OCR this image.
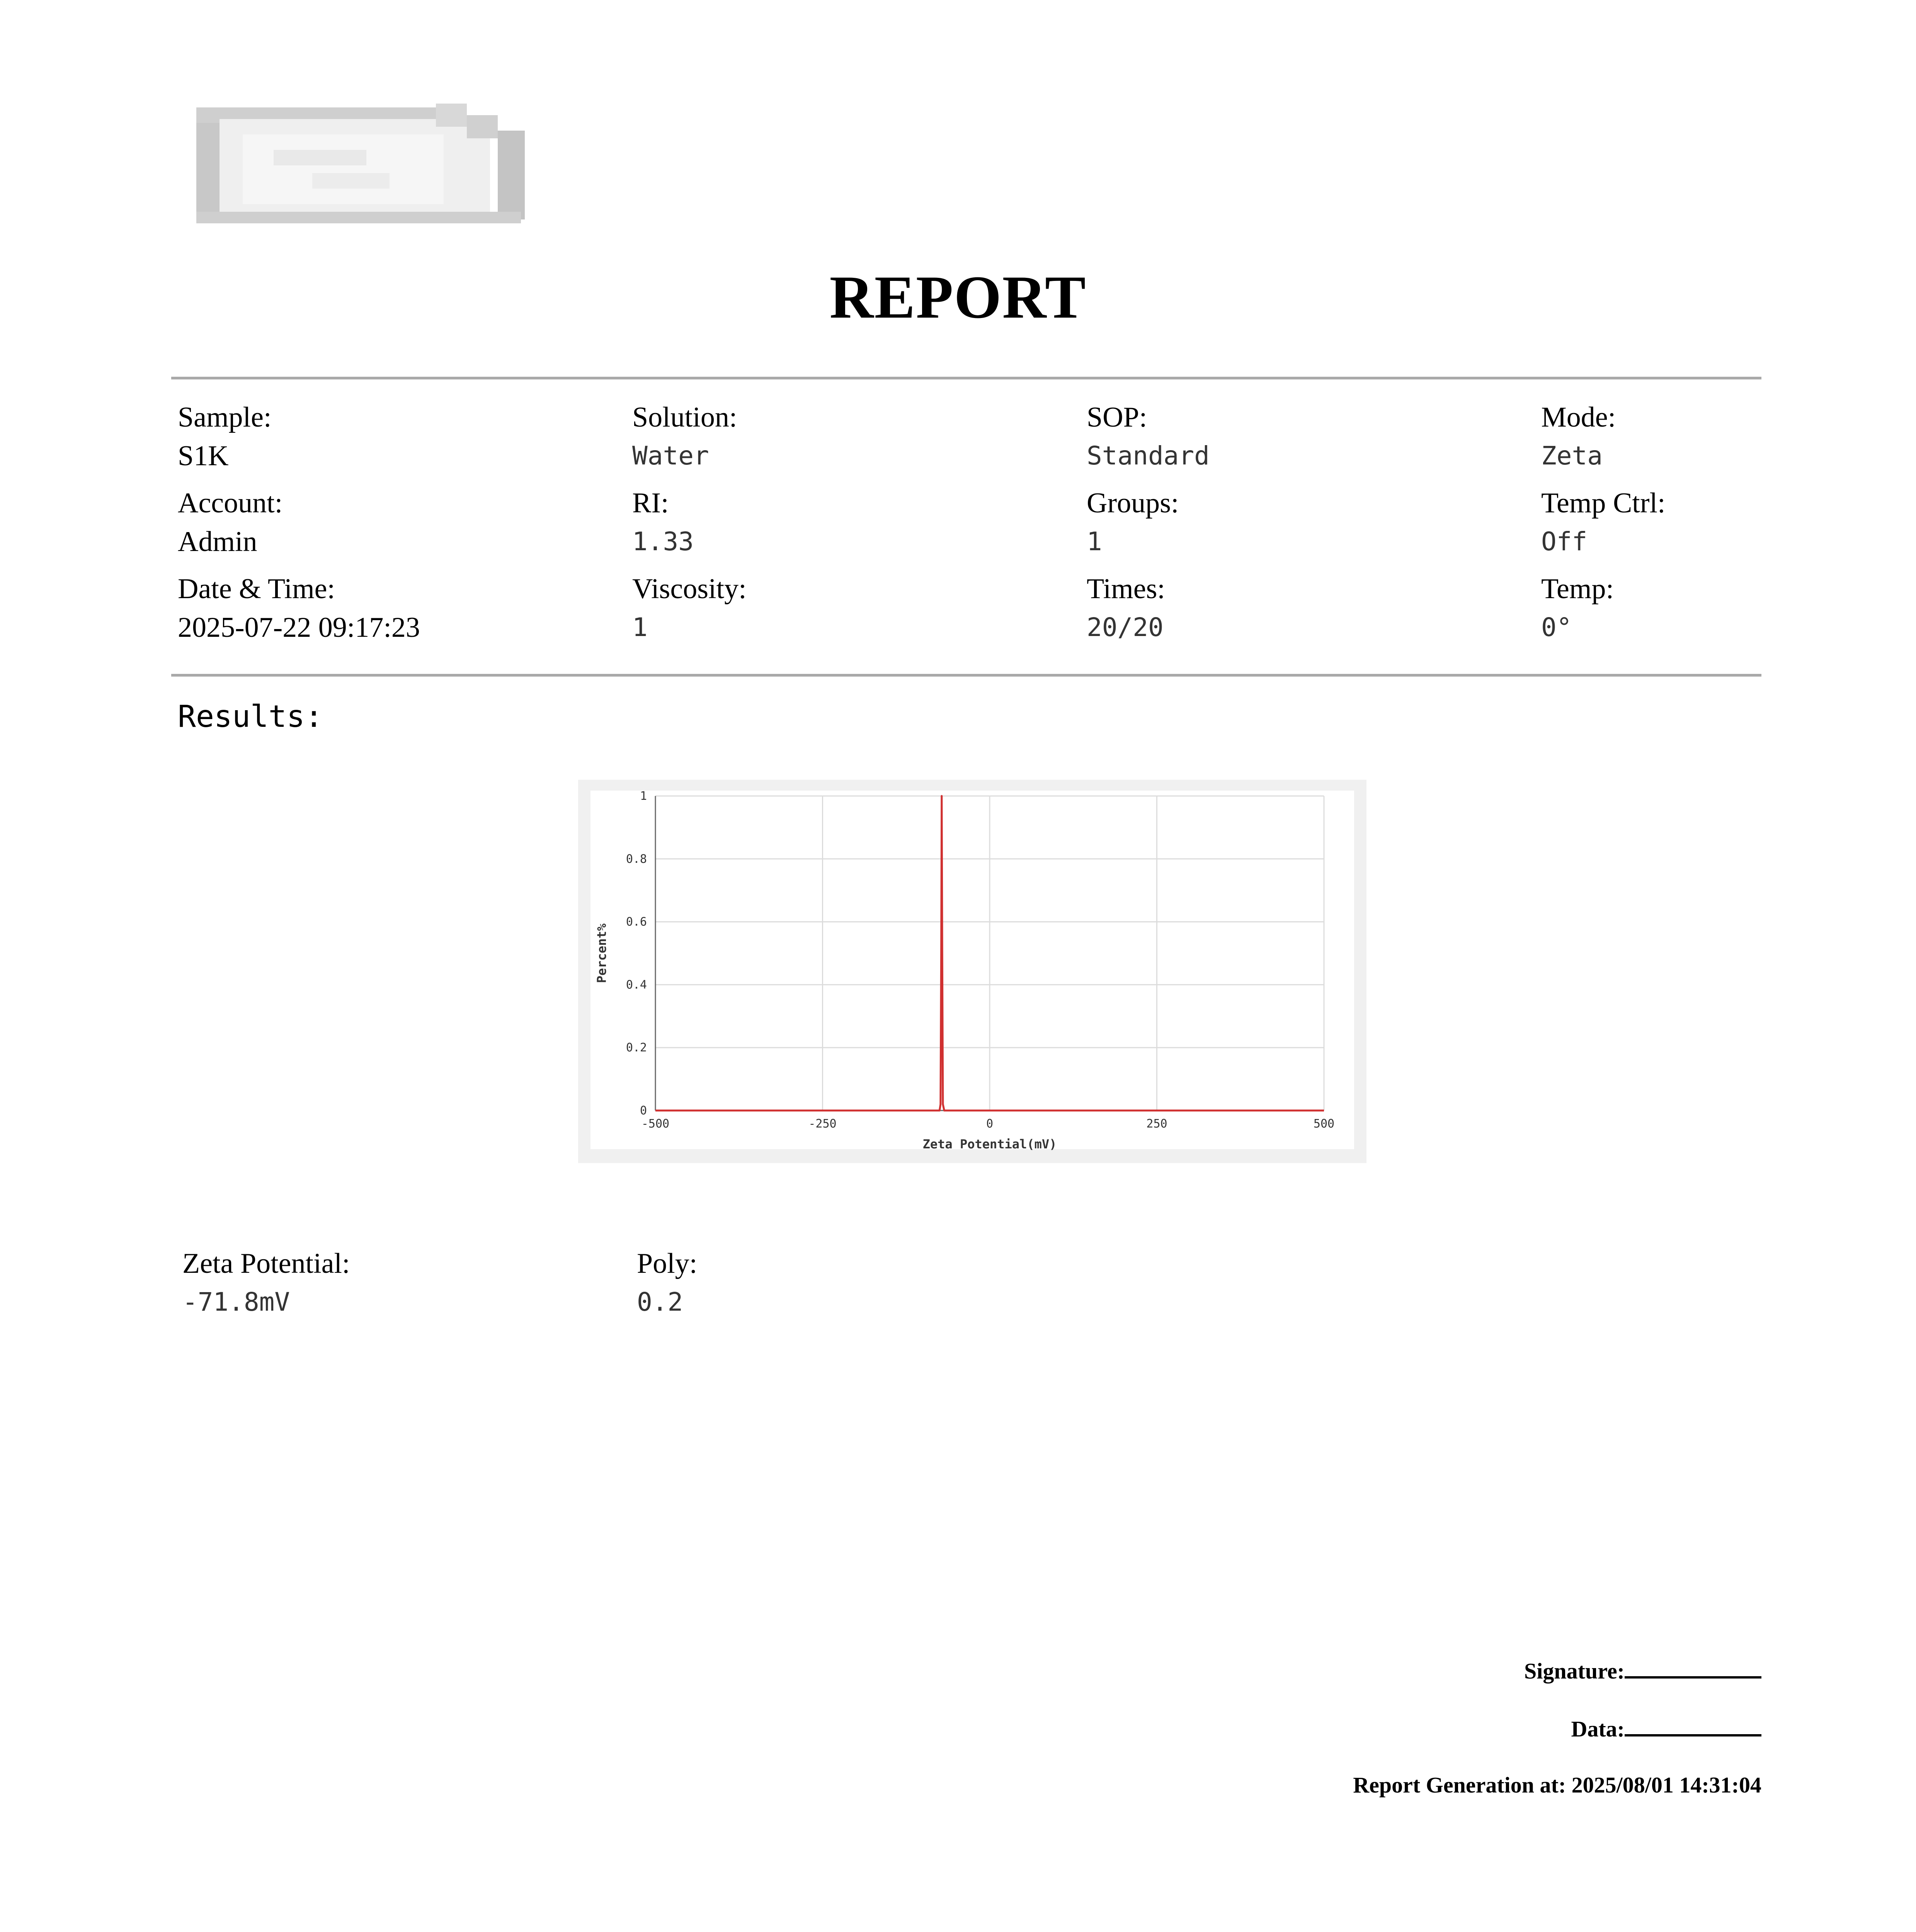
REPORT
Sample:
S1K
Account:
Admin
Date & Time:
2025-07-22 09:17:23
Solution:
Water
RI:
1.33
Viscosity:
1
SOP:
Standard
Groups:
1
Times:
20/20
Mode:
Zeta
Temp Ctrl:
Off
Temp:
0°
Results:
-500	-250	0	250	500
0
0.2
0.4
0.6
0.8
1
Zeta Potential(mV)
Percent%
Zeta Potential:
-71.8mV
Poly:
0.2
Signature:
Data:
Report Generation at: 2025/08/01 14:31:04
